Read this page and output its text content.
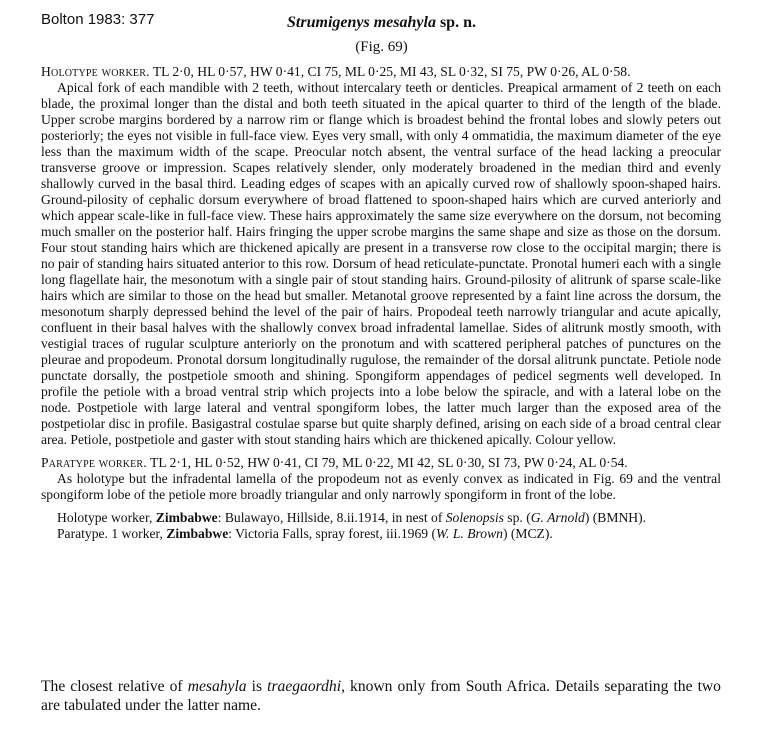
Bolton 1983: 377	Strumigenys mesahyla sp. n.
(Fig. 69)

Holotype worker. TL 2·0, HL 0·57, HW 0·41, CI 75, ML 0·25, MI 43, SL 0·32, SI 75, PW 0·26, AL 0·58.

Apical fork of each mandible with 2 teeth, without intercalary teeth or denticles. Preapical armament of 2 teeth on each blade, the proximal longer than the distal and both teeth situated in the apical quarter to third of the length of the blade. Upper scrobe margins bordered by a narrow rim or flange which is broadest behind the frontal lobes and slowly peters out posteriorly; the eyes not visible in full-face view. Eyes very small, with only 4 ommatidia, the maximum diameter of the eye less than the maximum width of the scape. Preocular notch absent, the ventral surface of the head lacking a preocular transverse groove or impression. Scapes relatively slender, only moderately broadened in the median third and evenly shallowly curved in the basal third. Leading edges of scapes with an apically curved row of shallowly spoon-shaped hairs. Ground-pilosity of cephalic dorsum everywhere of broad flattened to spoon-shaped hairs which are curved anteriorly and which appear scale-like in full-face view. These hairs approximately the same size everywhere on the dorsum, not becoming much smaller on the posterior half. Hairs fringing the upper scrobe margins the same shape and size as those on the dorsum. Four stout standing hairs which are thickened apically are present in a transverse row close to the occipital margin; there is no pair of standing hairs situated anterior to this row. Dorsum of head reticulate-punctate. Pronotal humeri each with a single long flagellate hair, the mesonotum with a single pair of stout standing hairs. Ground-pilosity of alitrunk of sparse scale-like hairs which are similar to those on the head but smaller. Metanotal groove represented by a faint line across the dorsum, the mesonotum sharply depressed behind the level of the pair of hairs. Propodeal teeth narrowly triangular and acute apically, confluent in their basal halves with the shallowly convex broad infradental lamellae. Sides of alitrunk mostly smooth, with vestigial traces of rugular sculpture anteriorly on the pronotum and with scattered peripheral patches of punctures on the pleurae and propodeum. Pronotal dorsum longitudinally rugulose, the remainder of the dorsal alitrunk punctate. Petiole node punctate dorsally, the postpetiole smooth and shining. Spongiform appendages of pedicel segments well developed. In profile the petiole with a broad ventral strip which projects into a lobe below the spiracle, and with a lateral lobe on the node. Postpetiole with large lateral and ventral spongiform lobes, the latter much larger than the exposed area of the postpetiolar disc in profile. Basigastral costulae sparse but quite sharply defined, arising on each side of a broad central clear area. Petiole, postpetiole and gaster with stout standing hairs which are thickened apically. Colour yellow.

Paratype worker. TL 2·1, HL 0·52, HW 0·41, CI 79, ML 0·22, MI 42, SL 0·30, SI 73, PW 0·24, AL 0·54.

As holotype but the infradental lamella of the propodeum not as evenly convex as indicated in Fig. 69 and the ventral spongiform lobe of the petiole more broadly triangular and only narrowly spongiform in front of the lobe.

Holotype worker, Zimbabwe: Bulawayo, Hillside, 8.ii.1914, in nest of Solenopsis sp. (G. Arnold) (BMNH).

Paratype. 1 worker, Zimbabwe: Victoria Falls, spray forest, iii.1969 (W. L. Brown) (MCZ).

The closest relative of mesahyla is traegaordhi, known only from South Africa. Details separating the two are tabulated under the latter name.
